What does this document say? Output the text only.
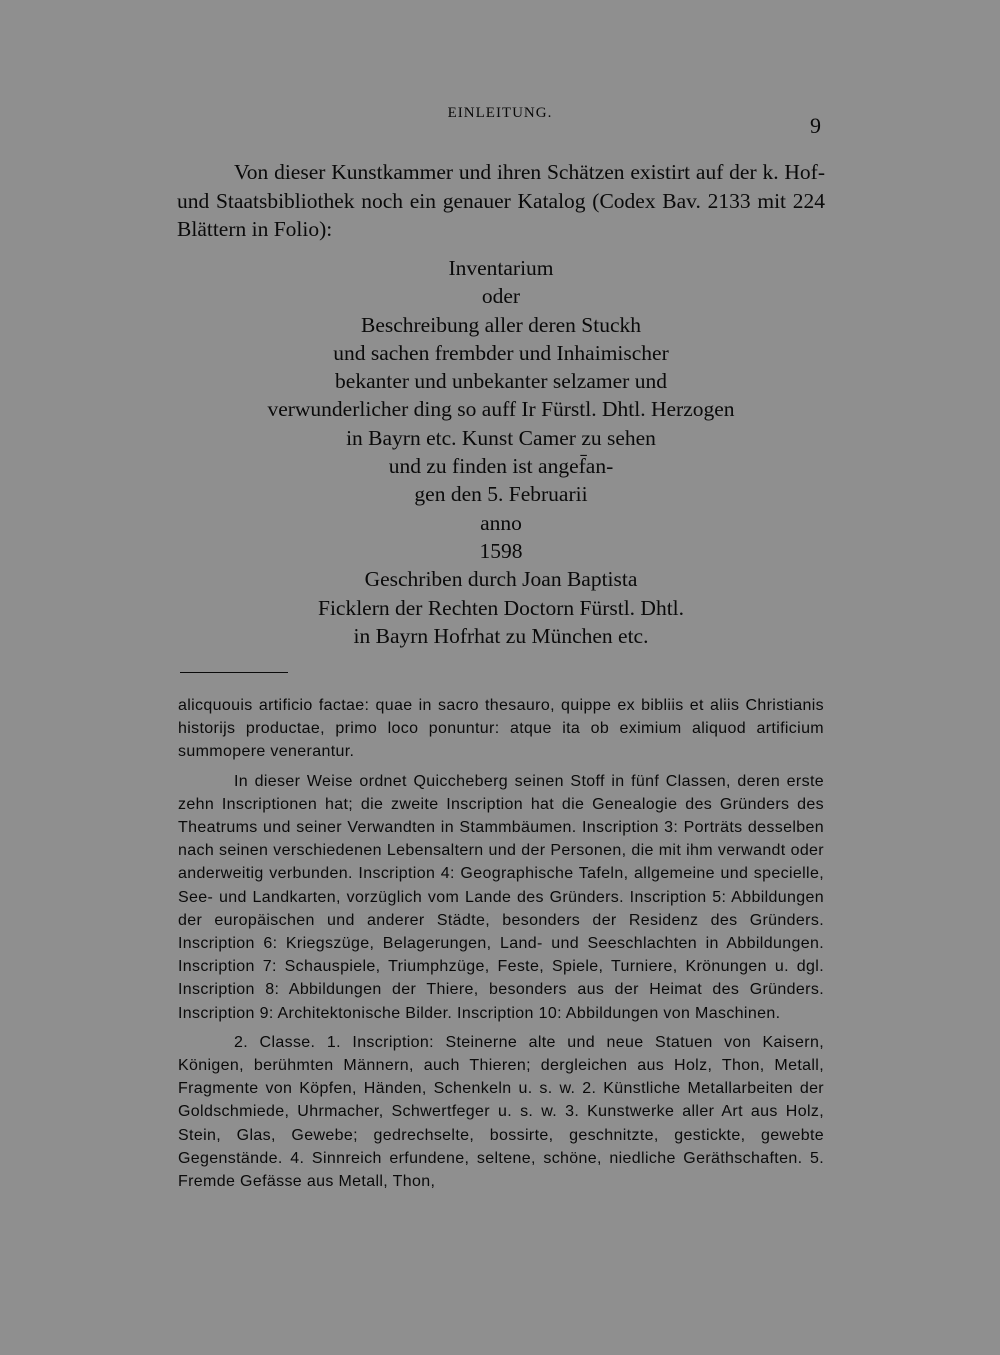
EINLEITUNG.	9

Von dieser Kunstkammer und ihren Schätzen existirt auf der k. Hof- und Staatsbibliothek noch ein genauer Katalog (Codex Bav. 2133 mit 224 Blättern in Folio):

Inventarium
oder
Beschreibung aller deren Stuckh
und sachen frembder und Inhaimischer
bekanter und unbekanter selzamer und
verwunderlicher ding so auff Ir Fürstl. Dhtl. Herzogen
in Bayrn etc. Kunst Camer zu sehen
und zu finden ist angef̄an-
gen den 5. Februarii
anno
1598
Geschriben durch Joan Baptista
Ficklern der Rechten Doctorn Fürstl. Dhtl.
in Bayrn Hofrhat zu München etc.

alicquouis artificio factae: quae in sacro thesauro, quippe ex bibliis et aliis Christianis historijs productae, primo loco ponuntur: atque ita ob eximium aliquod artificium summopere venerantur.

In dieser Weise ordnet Quiccheberg seinen Stoff in fünf Classen, deren erste zehn Inscriptionen hat; die zweite Inscription hat die Genealogie des Gründers des Theatrums und seiner Verwandten in Stammbäumen. Inscription 3: Porträts desselben nach seinen verschiedenen Lebensaltern und der Personen, die mit ihm verwandt oder anderweitig verbunden. Inscription 4: Geographische Tafeln, allgemeine und specielle, See- und Landkarten, vorzüglich vom Lande des Gründers. Inscription 5: Abbildungen der europäischen und anderer Städte, besonders der Residenz des Gründers. Inscription 6: Kriegszüge, Belagerungen, Land- und Seeschlachten in Abbildungen. Inscription 7: Schauspiele, Triumphzüge, Feste, Spiele, Turniere, Krönungen u. dgl. Inscription 8: Abbildungen der Thiere, besonders aus der Heimat des Gründers. Inscription 9: Architektonische Bilder. Inscription 10: Abbildungen von Maschinen.

2. Classe. 1. Inscription: Steinerne alte und neue Statuen von Kaisern, Königen, berühmten Männern, auch Thieren; dergleichen aus Holz, Thon, Metall, Fragmente von Köpfen, Händen, Schenkeln u. s. w. 2. Künstliche Metallarbeiten der Goldschmiede, Uhrmacher, Schwertfeger u. s. w. 3. Kunstwerke aller Art aus Holz, Stein, Glas, Gewebe; gedrechselte, bossirte, geschnitzte, gestickte, gewebte Gegenstände. 4. Sinnreich erfundene, seltene, schöne, niedliche Geräthschaften. 5. Fremde Gefässe aus Metall, Thon,
